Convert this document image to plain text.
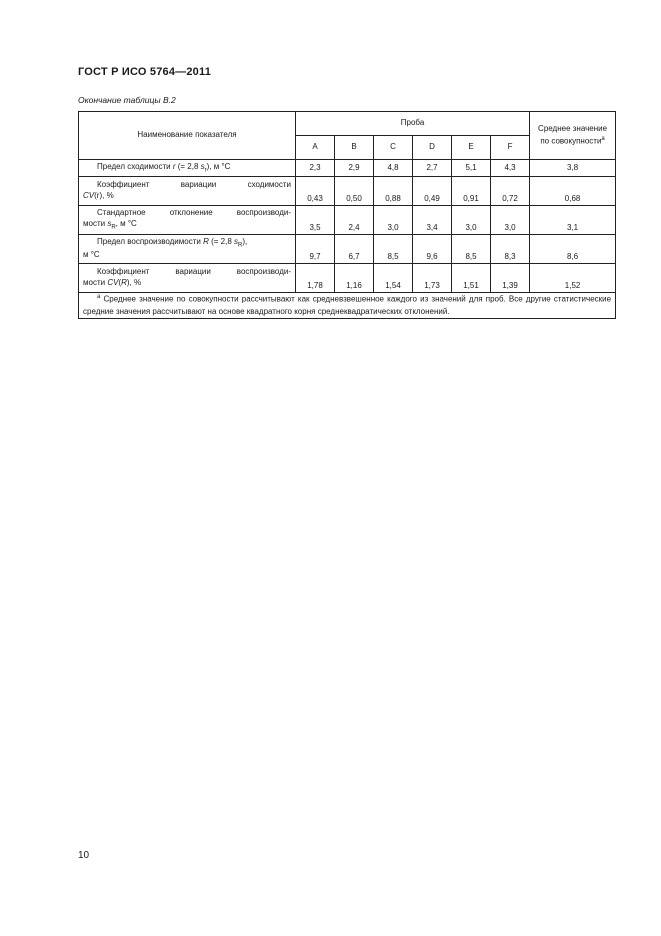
ГОСТ Р ИСО 5764—2011
Окончание таблицы В.2
Наименование показателя	Проба						Среднее значение по совокупности$^a$
	A	B	C	D	E	F	
Предел сходимости r (= 2,8 $s_r$), м °C	2,3	2,9	4,8	2,7	5,1	4,3	3,8

Коэффициент вариации сходимости
CV(r), %	0,43	0,50	0,88	0,49	0,91	0,72	0,68

Стандартное отклонение воспроизводи-
мости $s_R$, м °C	3,5	2,4	3,0	3,4	3,0	3,0	3,1

Предел воспроизводимости R (= 2,8 $s_R$),
м °C	9,7	6,7	8,5	9,6	8,5	8,3	8,6

Коэффициент вариации воспроизводи-
мости CV(R), %	1,78	1,16	1,54	1,73	1,51	1,39	1,52
$^a$ Среднее значение по совокупности рассчитывают как средневзвешенное каждого из значений для проб. Все другие статистические средние значения рассчитывают на основе квадратного корня среднеквадратических отклонений.							
10
